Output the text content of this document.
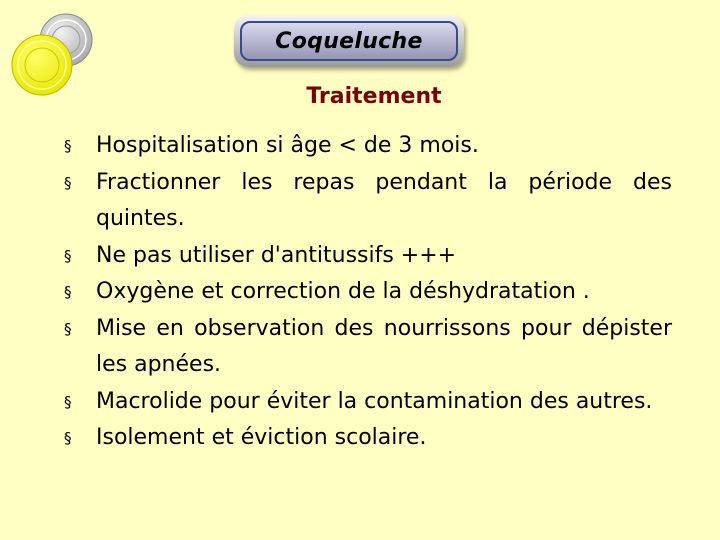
Coqueluche
Traitement
§ Hospitalisation si âge < de 3 mois.
§ Fractionner les repas pendant la période des quintes.
§ Ne pas utiliser d'antitussifs +++
§ Oxygène et correction de la déshydratation .
§ Mise en observation des nourrissons pour dépister les apnées.
§ Macrolide pour éviter la contamination des autres.
§ Isolement et éviction scolaire.
